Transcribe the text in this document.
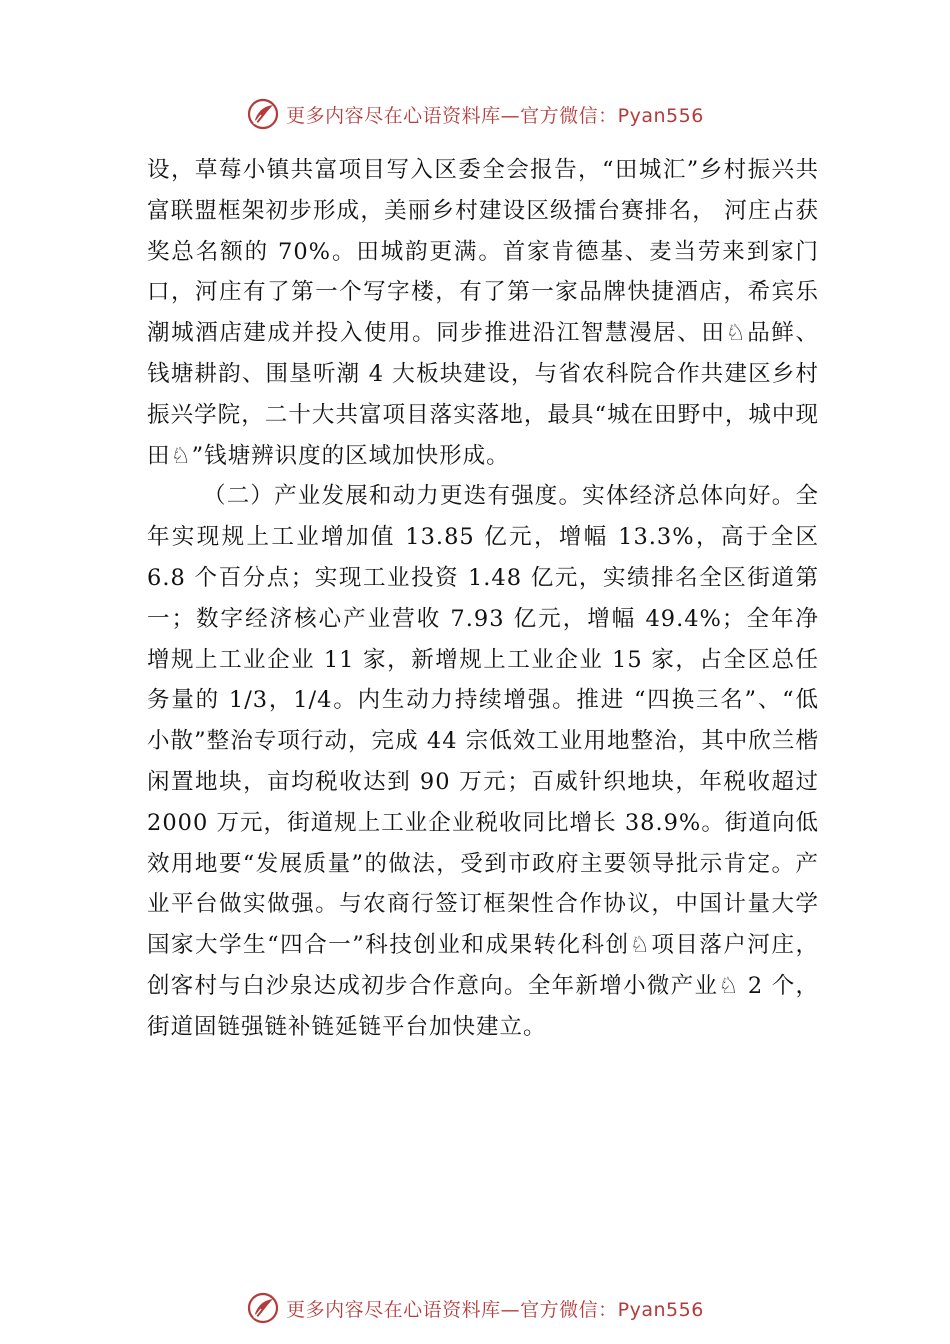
更多内容尽在心语资料库—官方微信：Pyan556

设，草莓小镇共富项目写入区委全会报告，“田城汇”乡村振兴共富联盟框架初步形成，美丽乡村建设区级擂台赛排名， 河庄占获奖总名额的 70%。田城韵更满。首家肯德基、麦当劳来到家门口，河庄有了第一个写字楼，有了第一家品牌快捷酒店，希宾乐潮城酒店建成并投入使用。同步推进沿江智慧漫居、田♘品鲜、钱塘耕韵、围垦听潮 4 大板块建设，与省农科院合作共建区乡村振兴学院，二十大共富项目落实落地，最具“城在田野中，城中现田♘”钱塘辨识度的区域加快形成。

（二）产业发展和动力更迭有强度。实体经济总体向好。全年实现规上工业增加值 13.85 亿元，增幅 13.3%，高于全区 6.8 个百分点；实现工业投资 1.48 亿元，实绩排名全区街道第一；数字经济核心产业营收 7.93 亿元，增幅 49.4%；全年净增规上工业企业 11 家，新增规上工业企业 15 家，占全区总任务量的 1/3，1/4。内生动力持续增强。推进 “四换三名”、“低小散”整治专项行动，完成 44 宗低效工业用地整治，其中欣兰楷闲置地块，亩均税收达到 90 万元；百威针织地块，年税收超过 2000 万元，街道规上工业企业税收同比增长 38.9%。街道向低效用地要“发展质量”的做法，受到市政府主要领导批示肯定。产业平台做实做强。与农商行签订框架性合作协议，中国计量大学国家大学生“四合一”科技创业和成果转化科创♘项目落户河庄，创客村与白沙泉达成初步合作意向。全年新增小微产业♘ 2 个，街道固链强链补链延链平台加快建立。

更多内容尽在心语资料库—官方微信：Pyan556
